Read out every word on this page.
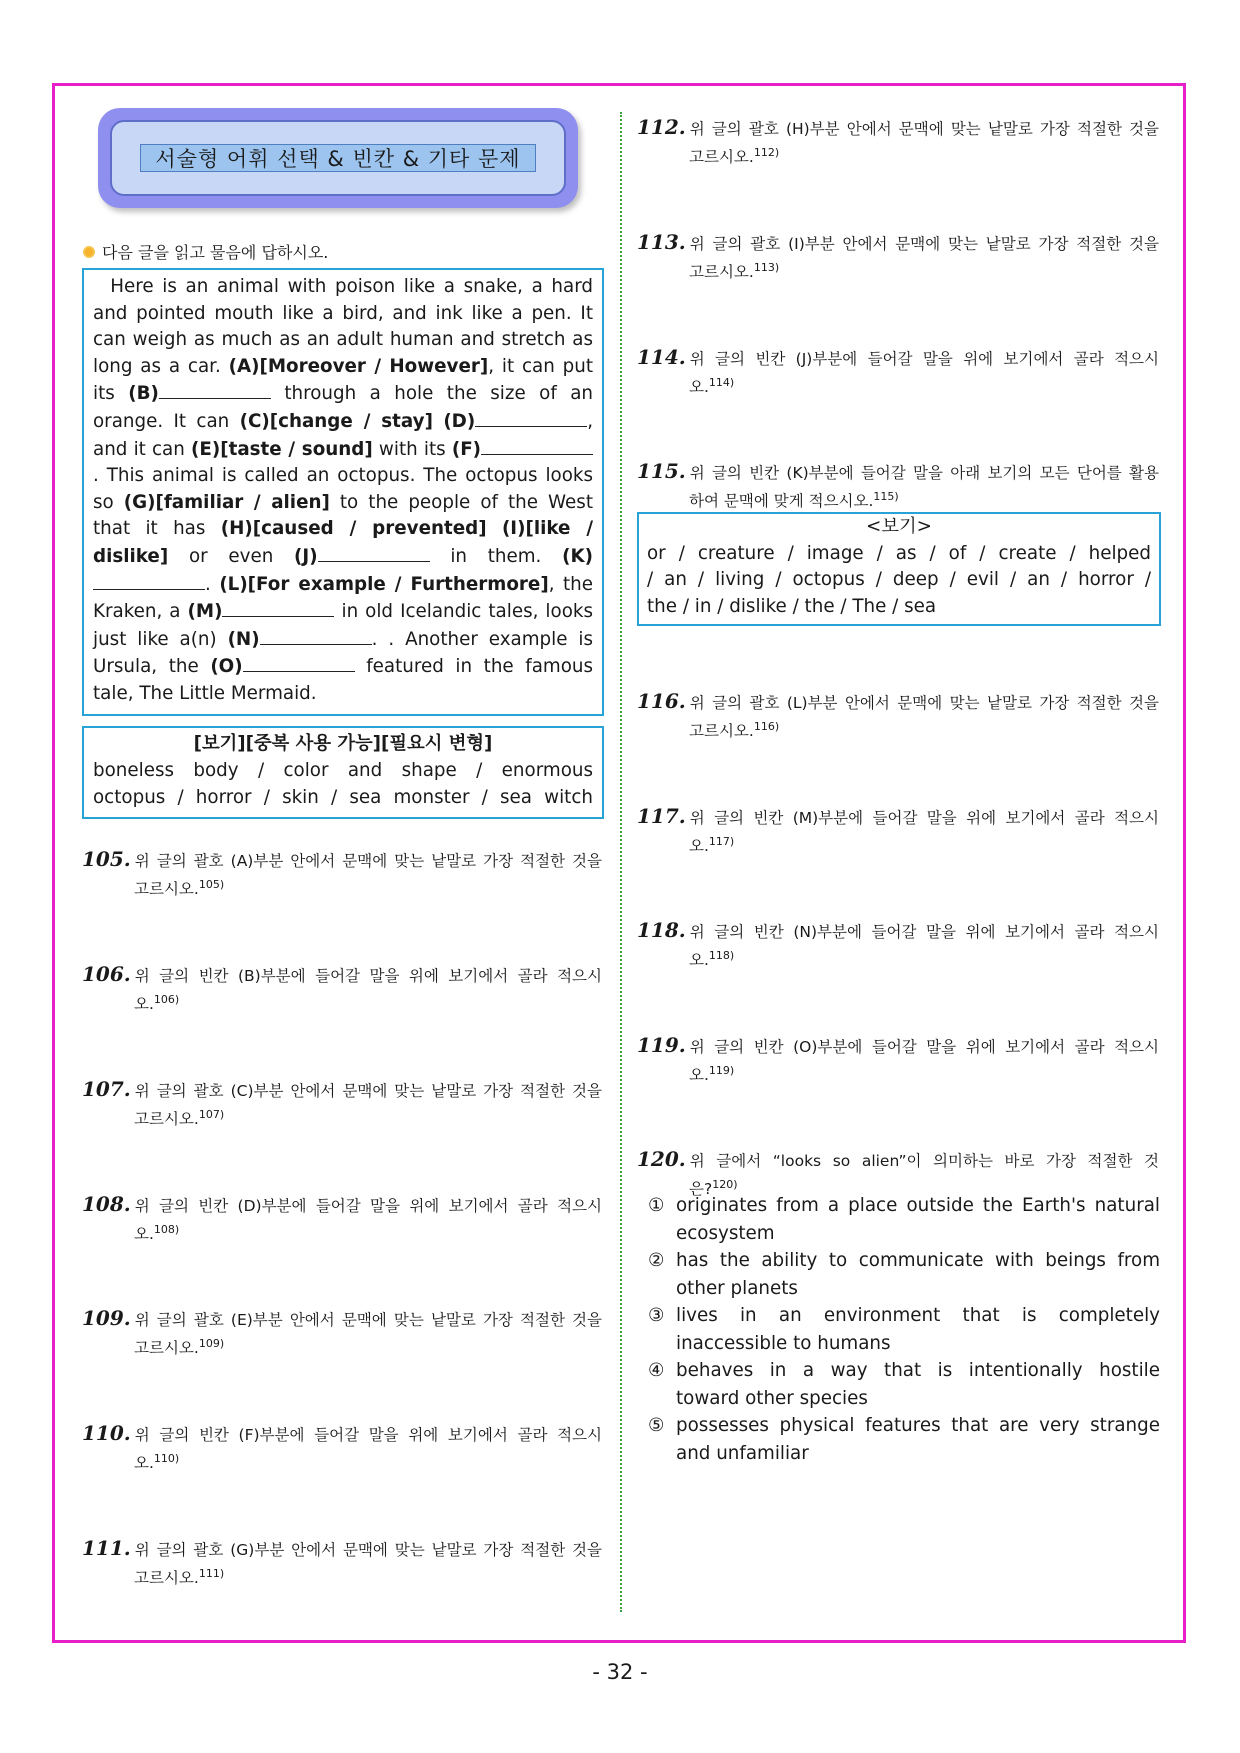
서술형 어휘 선택 & 빈칸 & 기타 문제
다음 글을 읽고 물음에 답하시오.
Here is an animal with poison like a snake, a hard and pointed mouth like a bird, and ink like a pen. It can weigh as much as an adult human and stretch as long as a car. (A)[Moreover / However], it can put its (B)	through a hole the size of an orange. It can (C)[change / stay] (D)	, and it can (E)[taste / sound] with its (F). This animal is called an octopus. The octopus looks so (G)[familiar / alien] to the people of the West that it has (H)[caused / prevented] (I)[like / dislike] or even (J)	in them. (K). (L)[For example / Furthermore], the Kraken, a (M)	in old Icelandic tales, looks just like a(n) (N)	. . Another example is Ursula, the (O)	featured in the famous tale, The Little Mermaid.
[보기][중복 사용 가능][필요시 변형]
boneless body / color and shape / enormous
octopus / horror / skin / sea monster / sea witch
105. 위 글의 괄호 (A)부분 안에서 문맥에 맞는 낱말로 가장 적절한 것을
고르시오.$^{105)}$
106. 위 글의 빈칸 (B)부분에 들어갈 말을 위에 보기에서 골라 적으시
오.$^{106)}$
107. 위 글의 괄호 (C)부분 안에서 문맥에 맞는 낱말로 가장 적절한 것을
고르시오.$^{107)}$
108. 위 글의 빈칸 (D)부분에 들어갈 말을 위에 보기에서 골라 적으시
오.$^{108)}$
109. 위 글의 괄호 (E)부분 안에서 문맥에 맞는 낱말로 가장 적절한 것을
고르시오.$^{109)}$
110. 위 글의 빈칸 (F)부분에 들어갈 말을 위에 보기에서 골라 적으시
오.$^{110)}$
111. 위 글의 괄호 (G)부분 안에서 문맥에 맞는 낱말로 가장 적절한 것을
고르시오.$^{111)}$
112. 위 글의 괄호 (H)부분 안에서 문맥에 맞는 낱말로 가장 적절한 것을
고르시오.$^{112)}$
113. 위 글의 괄호 (I)부분 안에서 문맥에 맞는 낱말로 가장 적절한 것을
고르시오.$^{113)}$
114. 위 글의 빈칸 (J)부분에 들어갈 말을 위에 보기에서 골라 적으시
오.$^{114)}$
115. 위 글의 빈칸 (K)부분에 들어갈 말을 아래 보기의 모든 단어를 활용
하여 문맥에 맞게 적으시오.$^{115)}$
<보기>
or / creature / image / as / of / create / helped
/ an / living / octopus / deep / evil / an / horror /
the / in / dislike / the / The / sea
116. 위 글의 괄호 (L)부분 안에서 문맥에 맞는 낱말로 가장 적절한 것을
고르시오.$^{116)}$
117. 위 글의 빈칸 (M)부분에 들어갈 말을 위에 보기에서 골라 적으시
오.$^{117)}$
118. 위 글의 빈칸 (N)부분에 들어갈 말을 위에 보기에서 골라 적으시
오.$^{118)}$
119. 위 글의 빈칸 (O)부분에 들어갈 말을 위에 보기에서 골라 적으시
오.$^{119)}$
120. 위 글에서 “looks so alien”이 의미하는 바로 가장 적절한 것
은?$^{120)}$
① originates from a place outside the Earth's natural
ecosystem
② has the ability to communicate with beings from
other planets
③ lives in an environment that is completely
inaccessible to humans
④ behaves in a way that is intentionally hostile
toward other species
⑤ possesses physical features that are very strange
and unfamiliar
- 32 -
